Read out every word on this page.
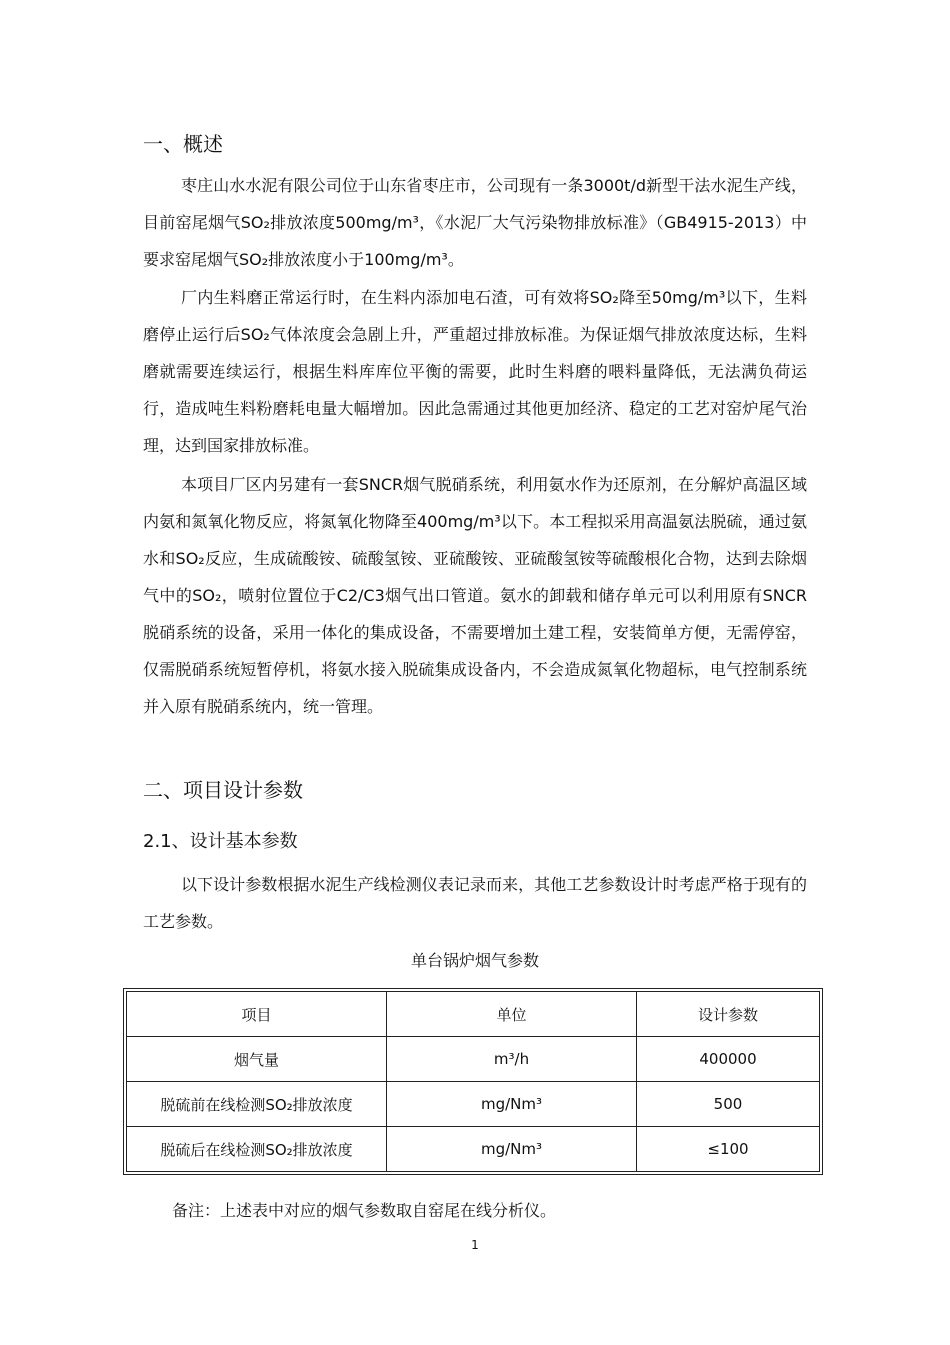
一、概述
枣庄山水水泥有限公司位于山东省枣庄市，公司现有一条3000t/d新型干法水泥生产线，目前窑尾烟气SO₂排放浓度500mg/m³，《水泥厂大气污染物排放标准》（GB4915-2013）中要求窑尾烟气SO₂排放浓度小于100mg/m³。
厂内生料磨正常运行时，在生料内添加电石渣，可有效将SO₂降至50mg/m³以下，生料磨停止运行后SO₂气体浓度会急剧上升，严重超过排放标准。为保证烟气排放浓度达标，生料磨就需要连续运行，根据生料库库位平衡的需要，此时生料磨的喂料量降低，无法满负荷运行，造成吨生料粉磨耗电量大幅增加。因此急需通过其他更加经济、稳定的工艺对窑炉尾气治理，达到国家排放标准。
本项目厂区内另建有一套SNCR烟气脱硝系统，利用氨水作为还原剂，在分解炉高温区域内氨和氮氧化物反应，将氮氧化物降至400mg/m³以下。本工程拟采用高温氨法脱硫，通过氨水和SO₂反应，生成硫酸铵、硫酸氢铵、亚硫酸铵、亚硫酸氢铵等硫酸根化合物，达到去除烟气中的SO₂，喷射位置位于C2/C3烟气出口管道。氨水的卸载和储存单元可以利用原有SNCR脱硝系统的设备，采用一体化的集成设备，不需要增加土建工程，安装简单方便，无需停窑，仅需脱硝系统短暂停机，将氨水接入脱硫集成设备内，不会造成氮氧化物超标，电气控制系统并入原有脱硝系统内，统一管理。
二、项目设计参数
2.1、设计基本参数
以下设计参数根据水泥生产线检测仪表记录而来，其他工艺参数设计时考虑严格于现有的工艺参数。
单台锅炉烟气参数
项目	单位	设计参数
烟气量	m³/h	400000
脱硫前在线检测SO₂排放浓度	mg/Nm³	500
脱硫后在线检测SO₂排放浓度	mg/Nm³	≤100
备注：上述表中对应的烟气参数取自窑尾在线分析仪。
1
